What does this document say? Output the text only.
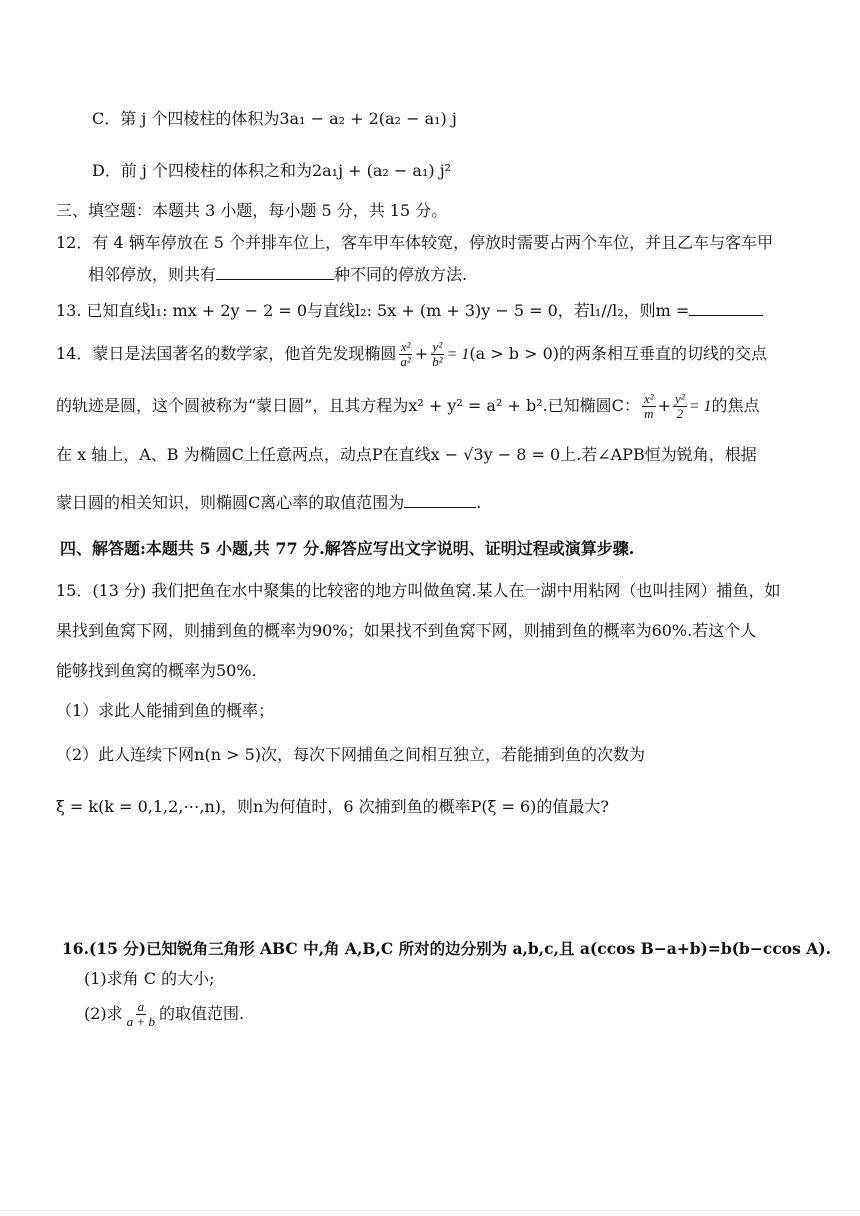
C．第 j 个四棱柱的体积为3a₁ − a₂ + 2(a₂ − a₁) j
D．前 j 个四棱柱的体积之和为2a₁j + (a₂ − a₁) j²
三、填空题：本题共 3 小题，每小题 5 分，共 15 分。
12．有 4 辆车停放在 5 个并排车位上，客车甲车体较宽，停放时需要占两个车位，并且乙车与客车甲
相邻停放，则共有	种不同的停放方法.
13. 已知直线l₁: mx + 2y − 2 = 0与直线l₂: 5x + (m + 3)y − 5 = 0，若l₁//l₂，则m =
14．蒙日是法国著名的数学家，他首先发现椭圆 $\frac{\text{x²}}{\text{a²}} + \frac{\text{y²}}{\text{b²}} = 1(a > b > 0)$的两条相互垂直的切线的交点
的轨迹是圆，这个圆被称为“蒙日圆”，且其方程为x² + y² = a² + b².已知椭圆C： $\frac{\text{x²}}{m} + \frac{\text{y²}}{2} = 1$的焦点
在 x 轴上，A、B 为椭圆C上任意两点，动点P在直线x − √3y − 8 = 0上.若∠APB恒为锐角，根据
蒙日圆的相关知识，则椭圆C离心率的取值范围为	.
四、解答题:本题共 5 小题,共 77 分.解答应写出文字说明、证明过程或演算步骤.
15．(13 分) 我们把鱼在水中聚集的比较密的地方叫做鱼窝.某人在一湖中用粘网（也叫挂网）捕鱼，如
果找到鱼窝下网，则捕到鱼的概率为90%；如果找不到鱼窝下网，则捕到鱼的概率为60%.若这个人
能够找到鱼窝的概率为50%.
（1）求此人能捕到鱼的概率；
（2）此人连续下网n(n > 5)次，每次下网捕鱼之间相互独立，若能捕到鱼的次数为
ξ = k(k = 0,1,2,⋯,n)，则n为何值时，6 次捕到鱼的概率P(ξ = 6)的值最大?
16.(15 分)已知锐角三角形 ABC 中,角 A,B,C 所对的边分别为 a,b,c,且 a(ccos B−a+b)=b(b−ccos A).
(1)求角 C 的大小;
(2)求 $\frac{a}{a + b}$ 的取值范围.
